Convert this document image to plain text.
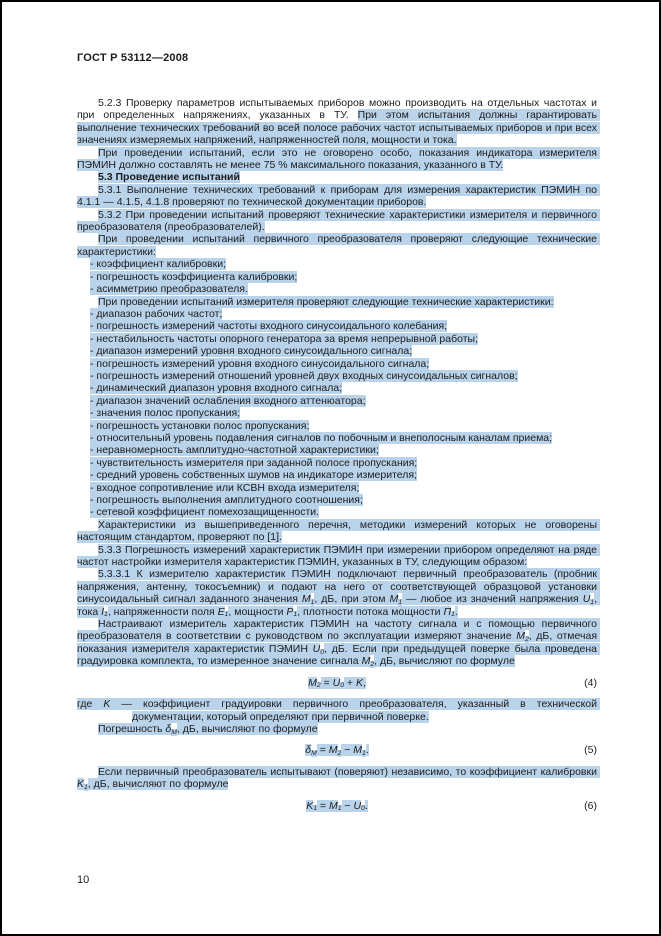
ГОСТ Р 53112—2008

5.2.3 Проверку параметров испытываемых приборов можно производить на отдельных частотах и при определенных напряжениях, указанных в ТУ. При этом испытания должны гарантировать выполнение технических требований во всей полосе рабочих частот испытываемых приборов и при всех значениях измеряемых напряжений, напряженностей поля, мощности и тока.

При проведении испытаний, если это не оговорено особо, показания индикатора измерителя ПЭМИН должно составлять не менее 75 % максимального показания, указанного в ТУ.

5.3 Проведение испытаний

5.3.1 Выполнение технических требований к приборам для измерения характеристик ПЭМИН по 4.1.1 — 4.1.5, 4.1.8 проверяют по технической документации приборов.

5.3.2 При проведении испытаний проверяют технические характеристики измерителя и первичного преобразователя (преобразователей).

При проведении испытаний первичного преобразователя проверяют следующие технические характеристики:

- коэффициент калибровки;

- погрешность коэффициента калибровки;

- асимметрию преобразователя.

При проведении испытаний измерителя проверяют следующие технические характеристики:

- диапазон рабочих частот;

- погрешность измерений частоты входного синусоидального колебания;

- нестабильность частоты опорного генератора за время непрерывной работы;

- диапазон измерений уровня входного синусоидального сигнала;

- погрешность измерений уровня входного синусоидального сигнала;

- погрешность измерений отношений уровней двух входных синусоидальных сигналов;

- динамический диапазон уровня входного сигнала;

- диапазон значений ослабления входного аттенюатора;

- значения полос пропускания;

- погрешность установки полос пропускания;

- относительный уровень подавления сигналов по побочным и внеполосным каналам приема;

- неравномерность амплитудно-частотной характеристики;

- чувствительность измерителя при заданной полосе пропускания;

- средний уровень собственных шумов на индикаторе измерителя;

- входное сопротивление или КСВН входа измерителя;

- погрешность выполнения амплитудного соотношения;

- сетевой коэффициент помехозащищенности.

Характеристики из вышеприведенного перечня, методики измерений которых не оговорены настоящим стандартом, проверяют по [1].

5.3.3 Погрешность измерений характеристик ПЭМИН при измерении прибором определяют на ряде частот настройки измерителя характеристик ПЭМИН, указанных в ТУ, следующим образом:

5.3.3.1 К измерителю характеристик ПЭМИН подключают первичный преобразователь (пробник напряжения, антенну, токосъемник) и подают на него от соответствующей образцовой установки синусоидальный сигнал заданного значения $M_1$, дБ, при этом $M_1$ — любое из значений напряжения $U_1$, тока $I_1$, напряженности поля $E_1$, мощности $P_1$, плотности потока мощности $П_1$.

Настраивают измеритель характеристик ПЭМИН на частоту сигнала и с помощью первичного преобразователя в соответствии с руководством по эксплуатации измеряют значение $M_2$, дБ, отмечая показания измерителя характеристик ПЭМИН $U_0$, дБ. Если при предыдущей поверке была проведена градуировка комплекта, то измеренное значение сигнала $M_2$, дБ, вычисляют по формуле

$M_2 = U_0 + K$,	(4)

где K — коэффициент градуировки первичного преобразователя, указанный в технической документации, который определяют при первичной поверке.

Погрешность $\delta_M$, дБ, вычисляют по формуле

$\delta_M = M_2 - M_1$.	(5)

Если первичный преобразователь испытывают (поверяют) независимо, то коэффициент калибровки $K_1$, дБ, вычисляют по формуле

$K_1 = M_1 - U_0$.	(6)
10
